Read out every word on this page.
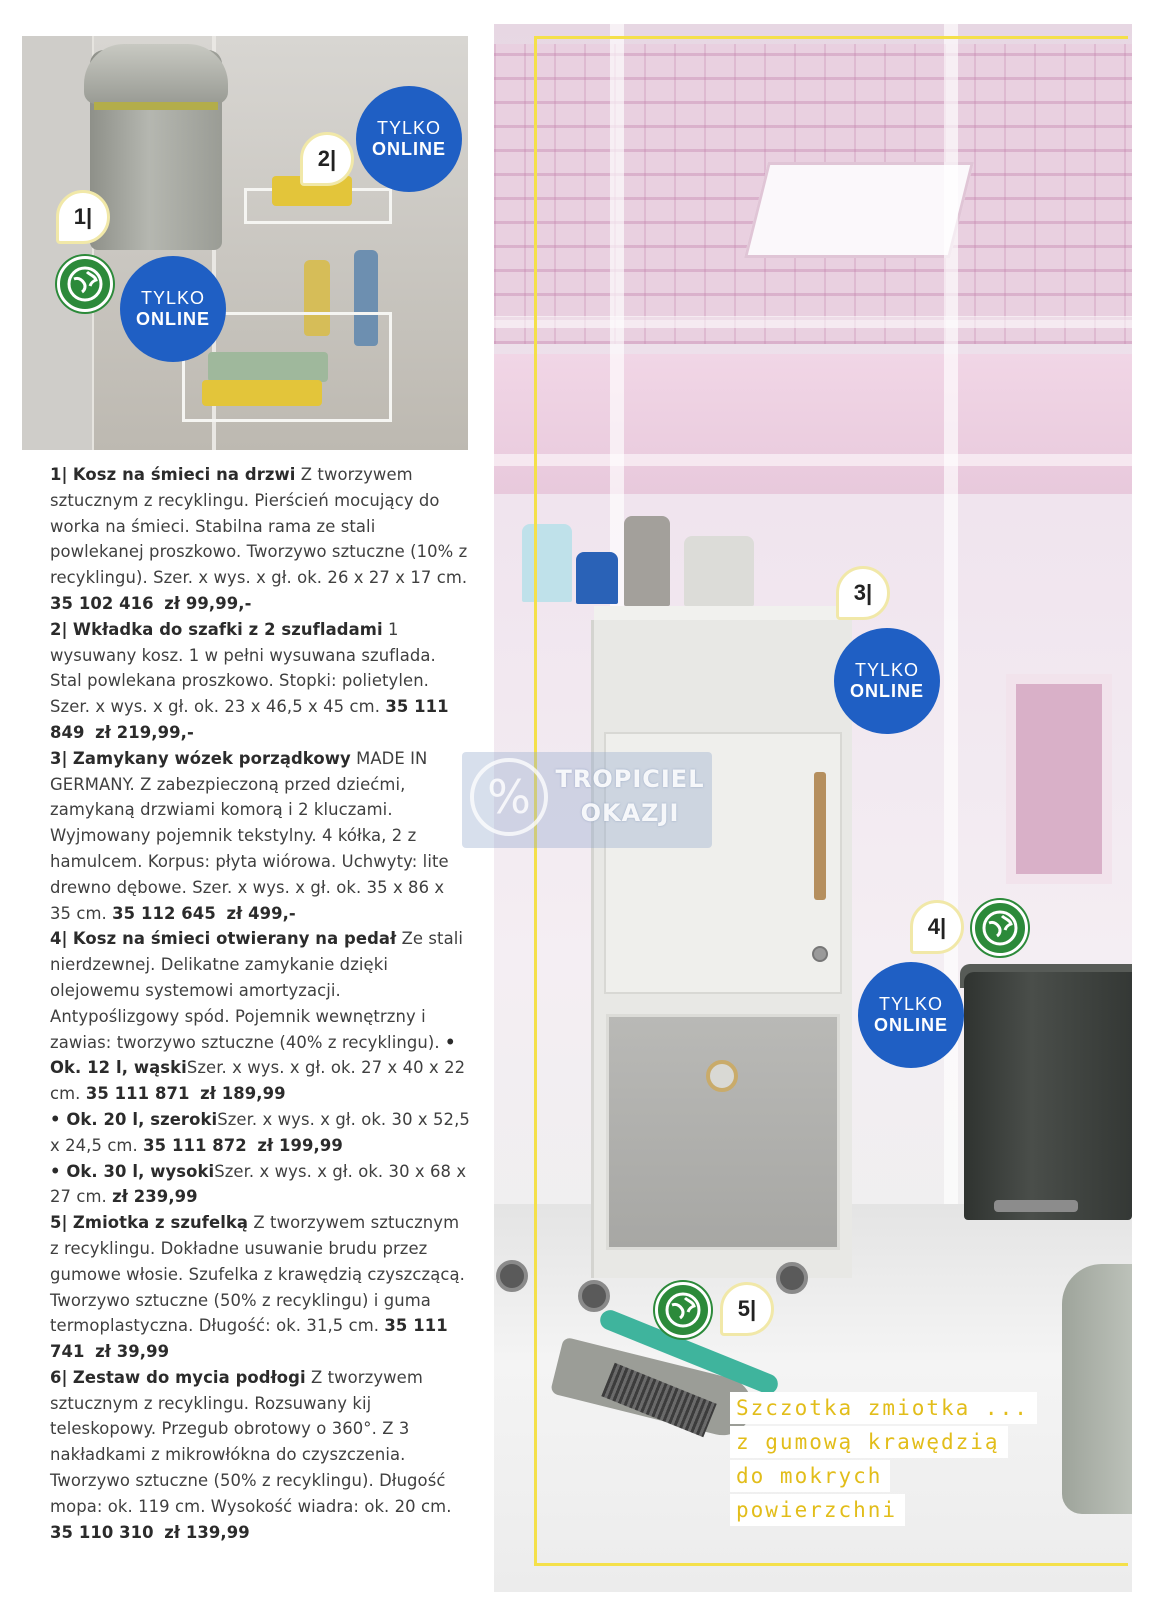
2|
TYLKO
ONLINE
1|
TYLKO
ONLINE

1| Kosz na śmieci na drzwi Z tworzywem sztucznym z recyklingu. Pierścień mocujący do worka na śmieci. Stabilna rama ze stali powlekanej proszkowo. Tworzywo sztuczne (10% z recyklingu). Szer. x wys. x gł. ok. 26 x 27 x 17 cm. 35 102 416 zł 99,99,-

2| Wkładka do szafki z 2 szufladami 1 wysuwany kosz. 1 w pełni wysuwana szuflada. Stal powlekana proszkowo. Stopki: polietylen. Szer. x wys. x gł. ok. 23 x 46,5 x 45 cm. 35 111 849 zł 219,99,-

3| Zamykany wózek porządkowy MADE IN GERMANY. Z zabezpieczoną przed dziećmi, zamykaną drzwiami komorą i 2 kluczami. Wyjmowany pojemnik tekstylny. 4 kółka, 2 z hamulcem. Korpus: płyta wiórowa. Uchwyty: lite drewno dębowe. Szer. x wys. x gł. ok. 35 x 86 x 35 cm. 35 112 645 zł 499,-

4| Kosz na śmieci otwierany na pedał Ze stali nierdzewnej. Delikatne zamykanie dzięki olejowemu systemowi amortyzacji. Antypoślizgowy spód. Pojemnik wewnętrzny i zawias: tworzywo sztuczne (40% z recyklingu). • Ok. 12 l, wąskiSzer. x wys. x gł. ok. 27 x 40 x 22 cm. 35 111 871 zł 189,99
• Ok. 20 l, szerokiSzer. x wys. x gł. ok. 30 x 52,5 x 24,5 cm. 35 111 872 zł 199,99
• Ok. 30 l, wysokiSzer. x wys. x gł. ok. 30 x 68 x 27 cm. zł 239,99

5| Zmiotka z szufelką Z tworzywem sztucznym z recyklingu. Dokładne usuwanie brudu przez gumowe włosie. Szufelka z krawędzią czyszczącą. Tworzywo sztuczne (50% z recyklingu) i guma termoplastyczna. Długość: ok. 31,5 cm. 35 111 741 zł 39,99

6| Zestaw do mycia podłogi Z tworzywem sztucznym z recyklingu. Rozsuwany kij teleskopowy. Przegub obrotowy o 360°. Z 3 nakładkami z mikrowłókna do czyszczenia. Tworzywo sztuczne (50% z recyklingu). Długość mopa: ok. 119 cm. Wysokość wiadra: ok. 20 cm. 35 110 310 zł 139,99

3|
TYLKO
ONLINE
4|
TYLKO
ONLINE
5|
Szczotka zmiotka ...
z gumową krawędzią
do mokrych
powierzchni
%	TROPICIEL
OKAZJI
